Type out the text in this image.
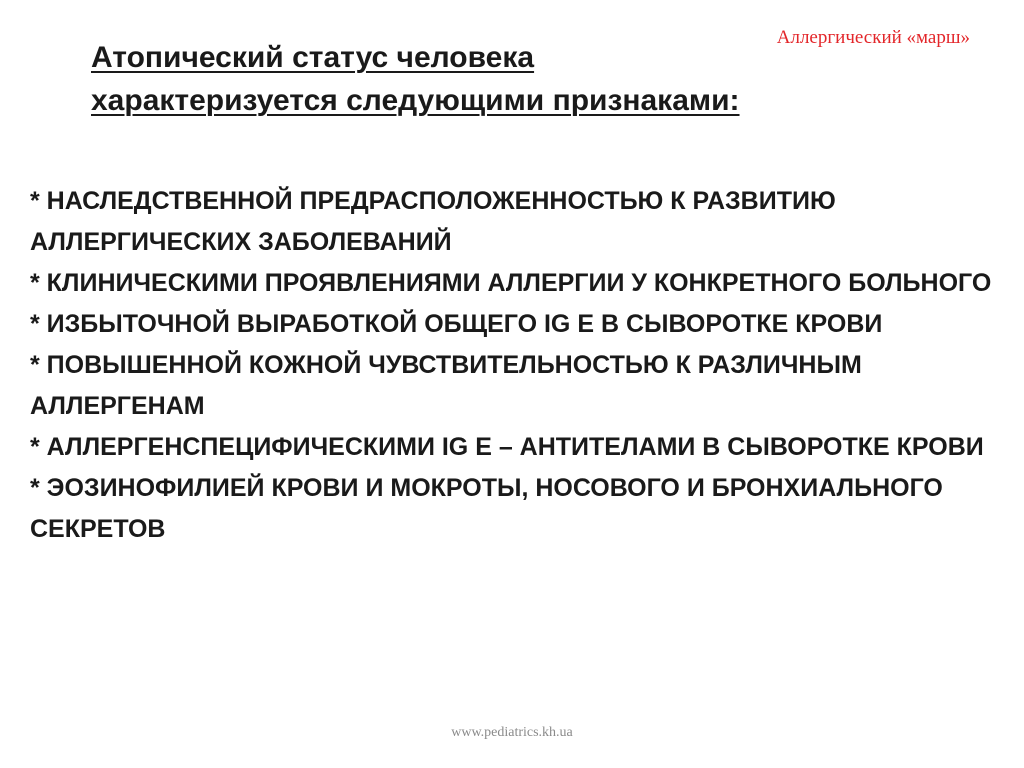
Аллергический «марш»
Атопический статус человека
характеризуется следующими признаками:
* НАСЛЕДСТВЕННОЙ ПРЕДРАСПОЛОЖЕННОСТЬЮ К РАЗВИТИЮ АЛЛЕРГИЧЕСКИХ ЗАБОЛЕВАНИЙ
* КЛИНИЧЕСКИМИ ПРОЯВЛЕНИЯМИ АЛЛЕРГИИ У КОНКРЕТНОГО БОЛЬНОГО
* ИЗБЫТОЧНОЙ ВЫРАБОТКОЙ ОБЩЕГО IG E В СЫВОРОТКЕ КРОВИ
* ПОВЫШЕННОЙ КОЖНОЙ ЧУВСТВИТЕЛЬНОСТЬЮ К РАЗЛИЧНЫМ АЛЛЕРГЕНАМ
* АЛЛЕРГЕНСПЕЦИФИЧЕСКИМИ IG E – АНТИТЕЛАМИ В СЫВОРОТКЕ КРОВИ
* ЭОЗИНОФИЛИЕЙ КРОВИ И МОКРОТЫ, НОСОВОГО И БРОНХИАЛЬНОГО СЕКРЕТОВ
www.pediatrics.kh.ua
